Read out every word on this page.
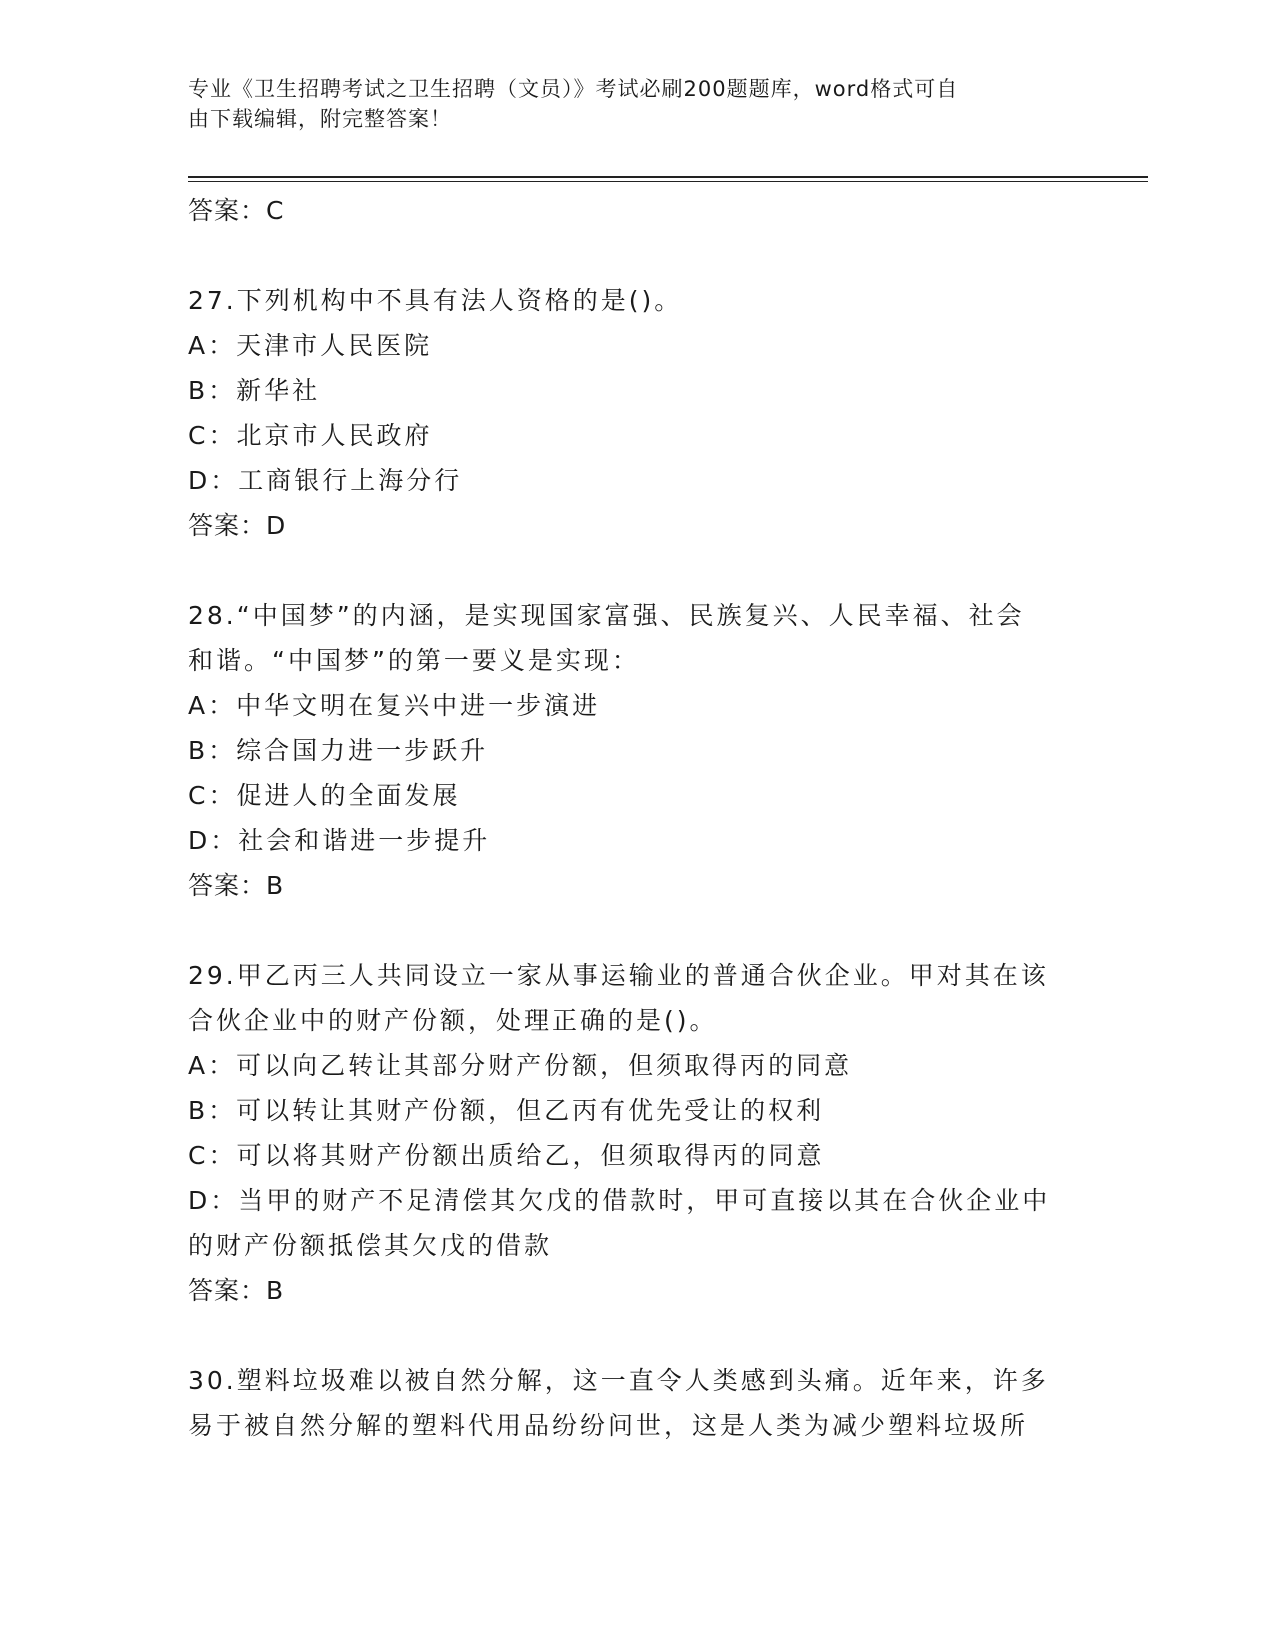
专业《卫生招聘考试之卫生招聘（文员）》考试必刷200题题库，word格式可自
由下载编辑，附完整答案！
答案：C
27.下列机构中不具有法人资格的是()。
A：天津市人民医院
B：新华社
C：北京市人民政府
D：工商银行上海分行
答案：D
28.“中国梦”的内涵，是实现国家富强、民族复兴、人民幸福、社会
和谐。“中国梦”的第一要义是实现：
A：中华文明在复兴中进一步演进
B：综合国力进一步跃升
C：促进人的全面发展
D：社会和谐进一步提升
答案：B
29.甲乙丙三人共同设立一家从事运输业的普通合伙企业。甲对其在该
合伙企业中的财产份额，处理正确的是()。
A：可以向乙转让其部分财产份额，但须取得丙的同意
B：可以转让其财产份额，但乙丙有优先受让的权利
C：可以将其财产份额出质给乙，但须取得丙的同意
D：当甲的财产不足清偿其欠戊的借款时，甲可直接以其在合伙企业中
的财产份额抵偿其欠戊的借款
答案：B
30.塑料垃圾难以被自然分解，这一直令人类感到头痛。近年来，许多
易于被自然分解的塑料代用品纷纷问世，这是人类为减少塑料垃圾所
